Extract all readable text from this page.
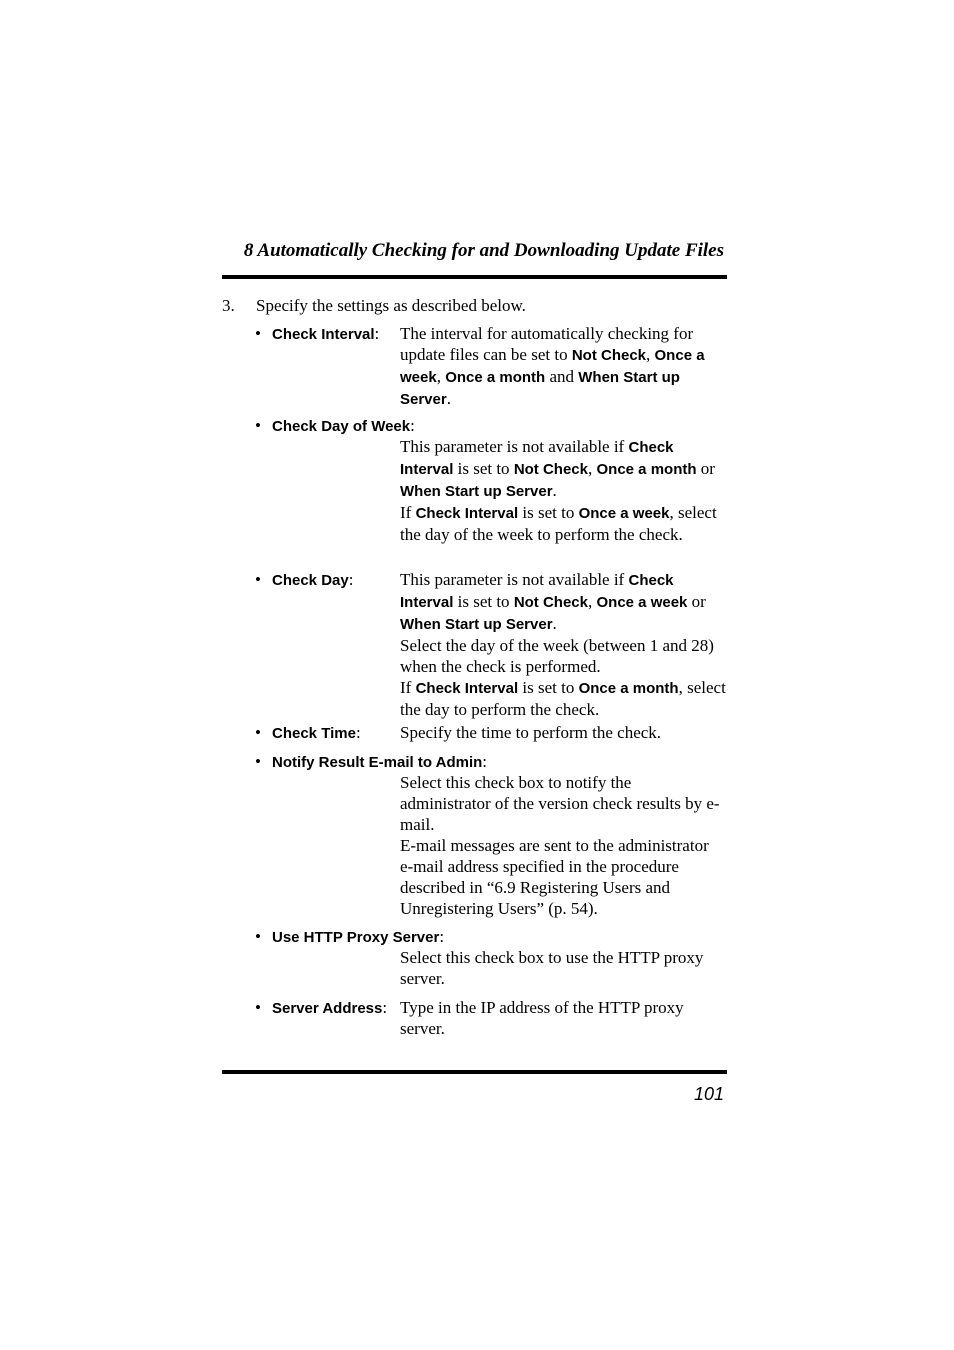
8 Automatically Checking for and Downloading Update Files
3. Specify the settings as described below.
• Check Interval: The interval for automatically checking for update files can be set to Not Check, Once a week, Once a month and When Start up Server.

• Check Day of Week:

This parameter is not available if Check Interval is set to Not Check, Once a month or When Start up Server.

If Check Interval is set to Once a week, select the day of the week to perform the check.

• Check Day:	This parameter is not available if Check Interval is set to Not Check, Once a week or When Start up Server.

Select the day of the week (between 1 and 28) when the check is performed.

If Check Interval is set to Once a month, select the day to perform the check.

• Check Time: Specify the time to perform the check.
• Notify Result E-mail to Admin:

Select this check box to notify the administrator of the version check results by e-mail.

E-mail messages are sent to the administrator e-mail address specified in the procedure described in “6.9 Registering Users and Unregistering Users” (p. 54).

• Use HTTP Proxy Server:
Select this check box to use the HTTP proxy server.
• Server Address: Type in the IP address of the HTTP proxy server.
101
